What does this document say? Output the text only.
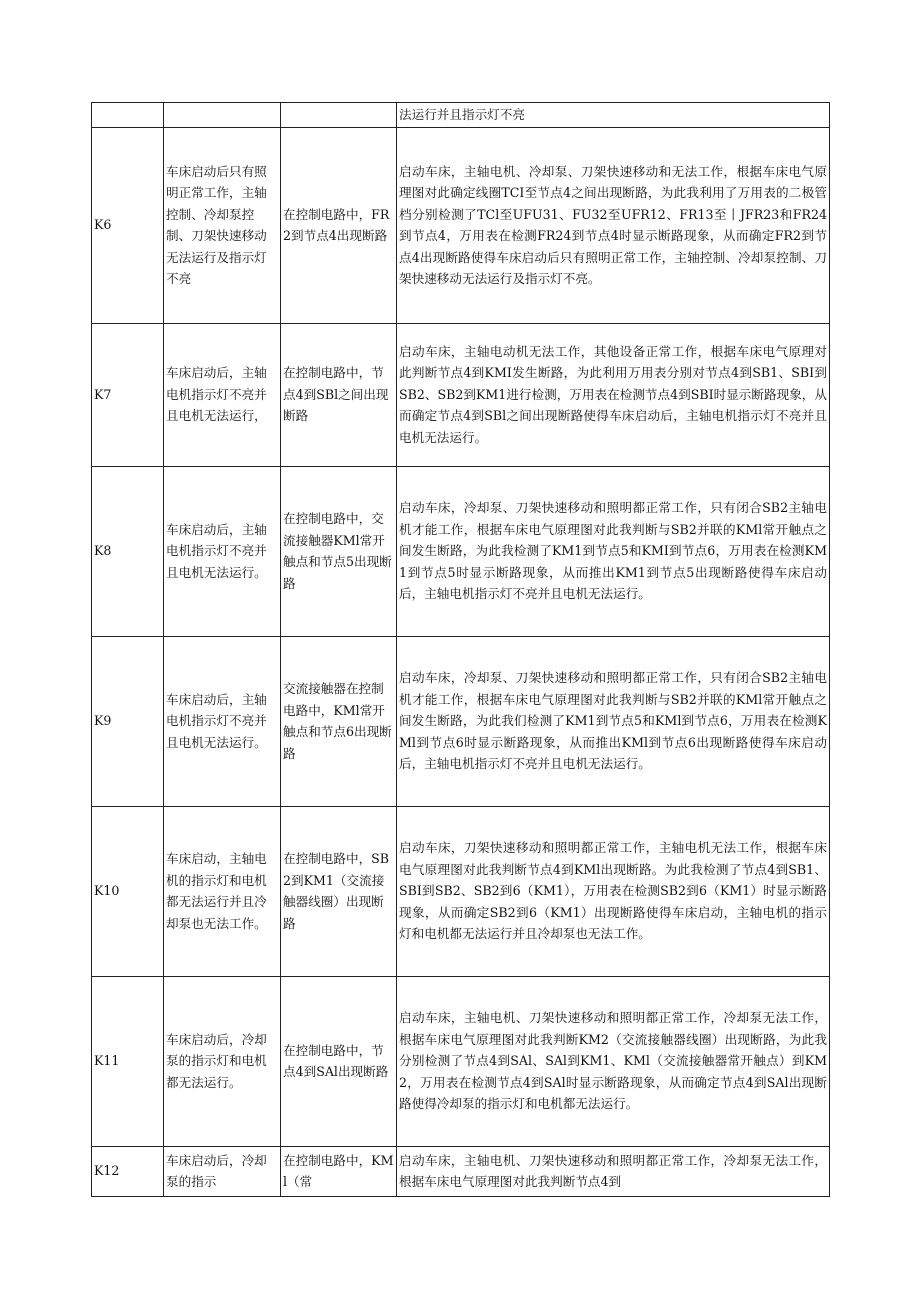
			法运行并且指示灯不亮
K6	车床启动后只有照明正常工作，主轴控制、冷却泵控制、刀架快速移动无法运行及指示灯不亮	在控制电路中，FR2到节点4出现断路	启动车床，主轴电机、冷却泵、刀架快速移动和无法工作，根据车床电气原理图对此确定线圈TCI至节点4之间出现断路，为此我利用了万用表的二极管档分别检测了TCl至UFU31、FU32至UFR12、FR13至丨JFR23和FR24到节点4，万用表在检测FR24到节点4时显示断路现象，从而确定FR2到节点4出现断路使得车床启动后只有照明正常工作，主轴控制、冷却泵控制、刀架快速移动无法运行及指示灯不亮。
K7	车床启动后，主轴电机指示灯不亮并且电机无法运行，	在控制电路中，节点4到SBl之间出现断路	启动车床，主轴电动机无法工作，其他设备正常工作，根据车床电气原理对此判断节点4到KMI发生断路，为此利用万用表分别对节点4到SB1、SBI到SB2、SB2到KM1进行检测，万用表在检测节点4到SBI时显示断路现象，从而确定节点4到SBl之间出现断路使得车床启动后，主轴电机指示灯不亮并且电机无法运行。
K8	车床启动后，主轴电机指示灯不亮并且电机无法运行。	在控制电路中，交流接触器KMl常开触点和节点5出现断路	启动车床，冷却泵、刀架快速移动和照明都正常工作，只有闭合SB2主轴电机才能工作，根据车床电气原理图对此我判断与SB2并联的KMl常开触点之间发生断路，为此我检测了KM1到节点5和KMI到节点6，万用表在检测KM1到节点5时显示断路现象，从而推出KM1到节点5出现断路使得车床启动后，主轴电机指示灯不亮并且电机无法运行。
K9	车床启动后，主轴电机指示灯不亮并且电机无法运行。	交流接触器在控制电路中，KMl常开触点和节点6出现断路	启动车床，冷却泵、刀架快速移动和照明都正常工作，只有闭合SB2主轴电机才能工作，根据车床电气原理图对此我判断与SB2并联的KMl常开触点之间发生断路，为此我们检测了KM1到节点5和KMl到节点6，万用表在检测KMl到节点6时显示断路现象，从而推出KMl到节点6出现断路使得车床启动后，主轴电机指示灯不亮并且电机无法运行。
K10	车床启动，主轴电机的指示灯和电机都无法运行并且冷却泵也无法工作。	在控制电路中，SB2到KM1（交流接触器线圈）出现断路	启动车床，刀架快速移动和照明都正常工作，主轴电机无法工作，根据车床电气原理图对此我判断节点4到KMl出现断路。为此我检测了节点4到SB1、SBI到SB2、SB2到6（KM1），万用表在检测SB2到6（KM1）时显示断路现象，从而确定SB2到6（KM1）出现断路使得车床启动，主轴电机的指示灯和电机都无法运行并且冷却泵也无法工作。
K11	车床启动后，冷却泵的指示灯和电机都无法运行。	在控制电路中，节点4到SAl出现断路	启动车床，主轴电机、刀架快速移动和照明都正常工作，冷却泵无法工作，根据车床电气原理图对此我判断KM2（交流接触器线圈）出现断路，为此我分别检测了节点4到SAl、SAl到KM1、KMl（交流接触器常开触点）到KM2，万用表在检测节点4到SAl时显示断路现象，从而确定节点4到SAl出现断路使得冷却泵的指示灯和电机都无法运行。
K12	车床启动后，冷却泵的指示	在控制电路中，KMl（常	启动车床，主轴电机、刀架快速移动和照明都正常工作，冷却泵无法工作，根据车床电气原理图对此我判断节点4到
